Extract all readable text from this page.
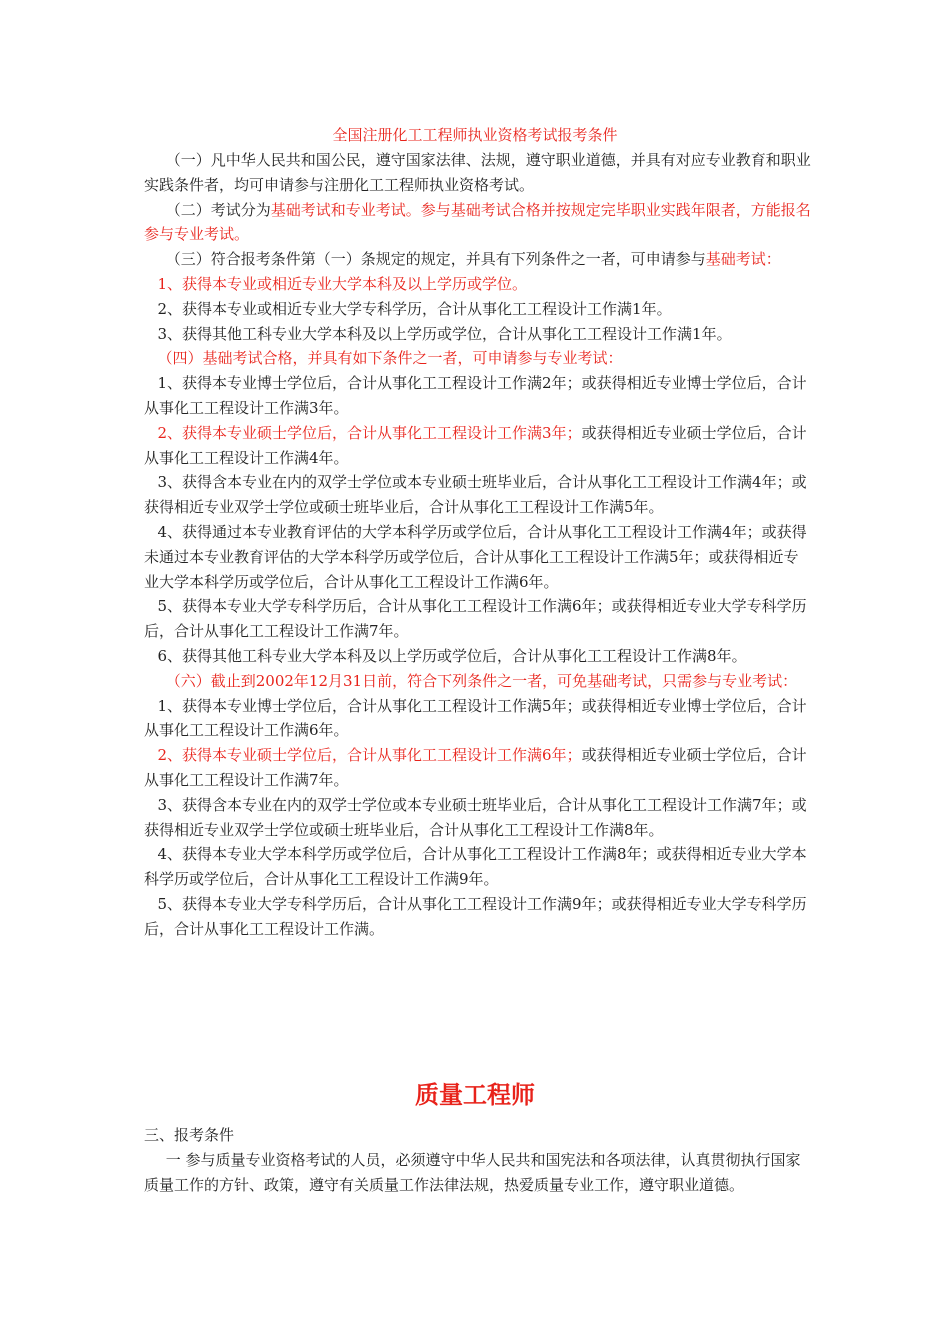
全国注册化工工程师执业资格考试报考条件

（一）凡中华人民共和国公民，遵守国家法律、法规，遵守职业道德，并具有对应专业教育和职业实践条件者，均可申请参与注册化工工程师执业资格考试。

（二）考试分为基础考试和专业考试。参与基础考试合格并按规定完毕职业实践年限者，方能报名参与专业考试。

（三）符合报考条件第（一）条规定的规定，并具有下列条件之一者，可申请参与基础考试：

1、获得本专业或相近专业大学本科及以上学历或学位。

2、获得本专业或相近专业大学专科学历，合计从事化工工程设计工作满1年。

3、获得其他工科专业大学本科及以上学历或学位，合计从事化工工程设计工作满1年。

（四）基础考试合格，并具有如下条件之一者，可申请参与专业考试：

1、获得本专业博士学位后，合计从事化工工程设计工作满2年；或获得相近专业博士学位后，合计从事化工工程设计工作满3年。

2、获得本专业硕士学位后，合计从事化工工程设计工作满3年；或获得相近专业硕士学位后，合计从事化工工程设计工作满4年。

3、获得含本专业在内的双学士学位或本专业硕士班毕业后，合计从事化工工程设计工作满4年；或获得相近专业双学士学位或硕士班毕业后，合计从事化工工程设计工作满5年。

4、获得通过本专业教育评估的大学本科学历或学位后，合计从事化工工程设计工作满4年；或获得未通过本专业教育评估的大学本科学历或学位后，合计从事化工工程设计工作满5年；或获得相近专业大学本科学历或学位后，合计从事化工工程设计工作满6年。

5、获得本专业大学专科学历后，合计从事化工工程设计工作满6年；或获得相近专业大学专科学历后，合计从事化工工程设计工作满7年。

6、获得其他工科专业大学本科及以上学历或学位后，合计从事化工工程设计工作满8年。

（六）截止到2002年12月31日前，符合下列条件之一者，可免基础考试，只需参与专业考试：

1、获得本专业博士学位后，合计从事化工工程设计工作满5年；或获得相近专业博士学位后，合计从事化工工程设计工作满6年。

2、获得本专业硕士学位后，合计从事化工工程设计工作满6年；或获得相近专业硕士学位后，合计从事化工工程设计工作满7年。

3、获得含本专业在内的双学士学位或本专业硕士班毕业后，合计从事化工工程设计工作满7年；或获得相近专业双学士学位或硕士班毕业后，合计从事化工工程设计工作满8年。

4、获得本专业大学本科学历或学位后，合计从事化工工程设计工作满8年；或获得相近专业大学本科学历或学位后，合计从事化工工程设计工作满9年。

5、获得本专业大学专科学历后，合计从事化工工程设计工作满9年；或获得相近专业大学专科学历后，合计从事化工工程设计工作满。

质量工程师

三、报考条件

一 参与质量专业资格考试的人员，必须遵守中华人民共和国宪法和各项法律，认真贯彻执行国家质量工作的方针、政策，遵守有关质量工作法律法规，热爱质量专业工作，遵守职业道德。
